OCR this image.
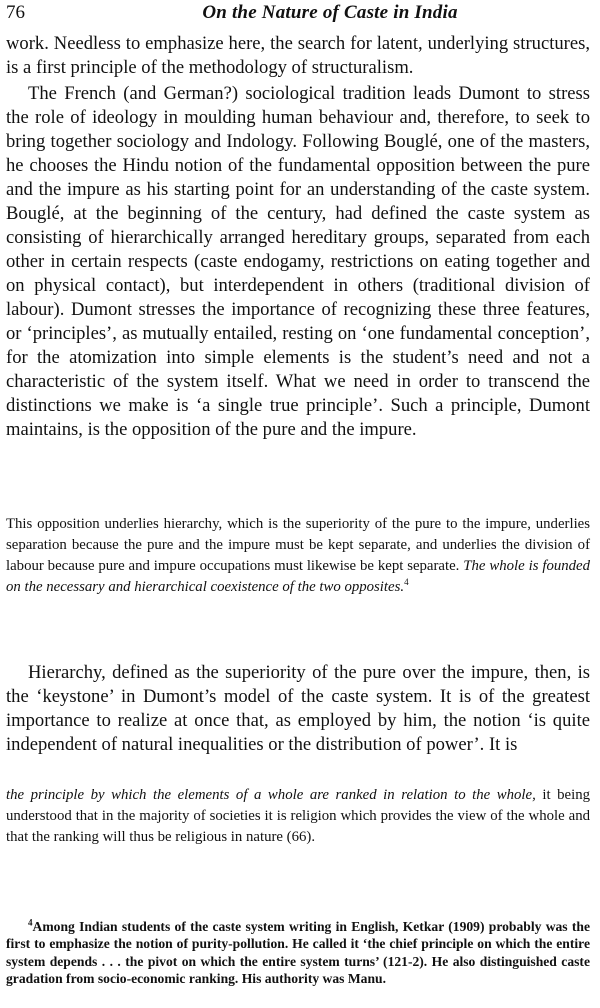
76	On the Nature of Caste in India

work. Needless to emphasize here, the search for latent, underlying structures, is a first principle of the methodology of structuralism.

The French (and German?) sociological tradition leads Dumont to stress the role of ideology in moulding human behaviour and, therefore, to seek to bring together sociology and Indology. Following Bouglé, one of the masters, he chooses the Hindu notion of the fundamental opposition between the pure and the impure as his starting point for an understanding of the caste system. Bouglé, at the beginning of the century, had defined the caste system as consisting of hierarchically arranged hereditary groups, separated from each other in certain respects (caste endogamy, restrictions on eating together and on physical contact), but interdependent in others (traditional division of labour). Dumont stresses the importance of recognizing these three features, or ‘principles’, as mutually entailed, resting on ‘one fundamental conception’, for the atomization into simple elements is the student’s need and not a characteristic of the system itself. What we need in order to transcend the distinctions we make is ‘a single true principle’. Such a principle, Dumont maintains, is the opposition of the pure and the impure.

This opposition underlies hierarchy, which is the superiority of the pure to the impure, underlies separation because the pure and the impure must be kept separate, and underlies the division of labour because pure and impure occupations must likewise be kept separate. The whole is founded on the necessary and hierarchical coexistence of the two opposites.$^4$

Hierarchy, defined as the superiority of the pure over the impure, then, is the ‘keystone’ in Dumont’s model of the caste system. It is of the greatest importance to realize at once that, as employed by him, the notion ‘is quite independent of natural inequalities or the distribution of power’. It is

the principle by which the elements of a whole are ranked in relation to the whole, it being understood that in the majority of societies it is religion which provides the view of the whole and that the ranking will thus be religious in nature (66).

$^4$Among Indian students of the caste system writing in English, Ketkar (1909) probably was the first to emphasize the notion of purity-pollution. He called it ‘the chief principle on which the entire system depends . . . the pivot on which the entire system turns’ (121-2). He also distinguished caste gradation from socio-economic ranking. His authority was Manu.
